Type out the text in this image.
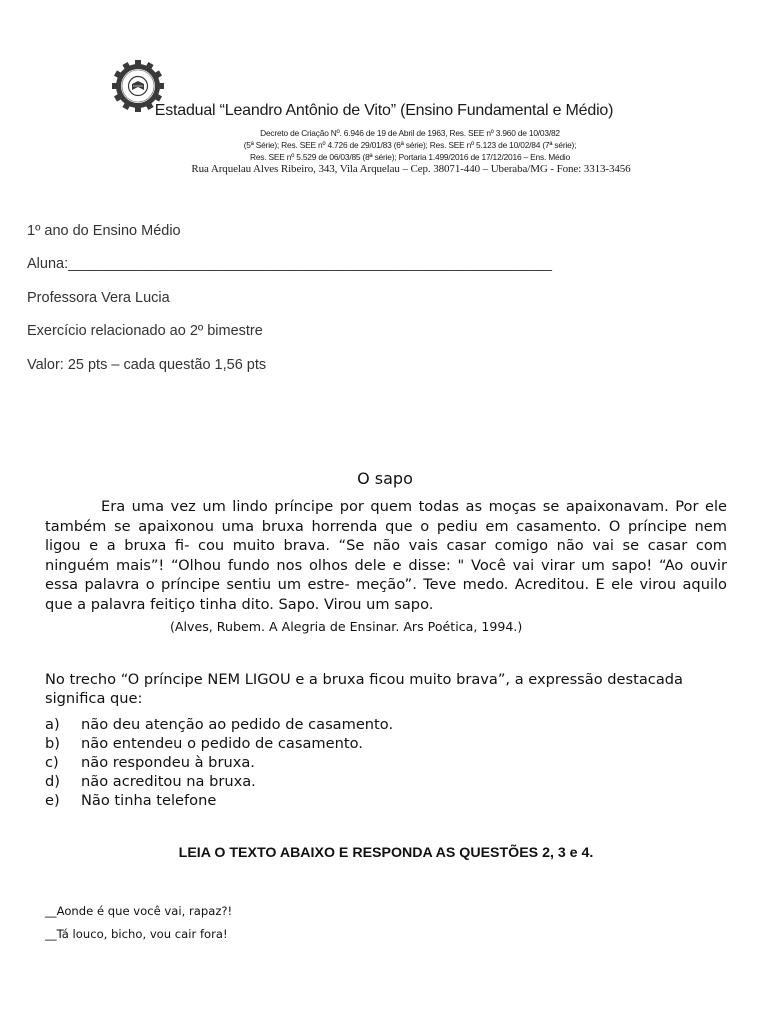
Estadual “Leandro Antônio de Vito” (Ensino Fundamental e Médio)
Decreto de Criação Nº. 6.946 de 19 de Abril de 1963, Res. SEE nº 3.960 de 10/03/82
(5ª Série); Res. SEE nº 4.726 de 29/01/83 (6ª série); Res. SEE nº 5.123 de 10/02/84 (7ª série);
Res. SEE nº 5.529 de 06/03/85 (8ª série); Portaria 1.499/2016 de 17/12/2016 – Ens. Médio
Rua Arquelau Alves Ribeiro, 343, Vila Arquelau – Cep. 38071-440 – Uberaba/MG - Fone: 3313-3456
1º ano do Ensino Médio
Aluna:____________________________________________________________
Professora Vera Lucia
Exercício relacionado ao 2º bimestre
Valor: 25 pts – cada questão 1,56 pts
O sapo

Era uma vez um lindo príncipe por quem todas as moças se apaixonavam. Por ele também se apaixonou uma bruxa horrenda que o pediu em casamento. O príncipe nem ligou e a bruxa fi- cou muito brava. “Se não vais casar comigo não vai se casar com ninguém mais”! “Olhou fundo nos olhos dele e disse: " Você vai virar um sapo! “Ao ouvir essa palavra o príncipe sentiu um estre- meção”. Teve medo. Acreditou. E ele virou aquilo que a palavra feitiço tinha dito. Sapo. Virou um sapo.

(Alves, Rubem. A Alegria de Ensinar. Ars Poética, 1994.)
No trecho “O príncipe NEM LIGOU e a bruxa ficou muito brava”, a expressão destacada significa que:
a) não deu atenção ao pedido de casamento.
b) não entendeu o pedido de casamento.
c) não respondeu à bruxa.
d) não acreditou na bruxa.
e) Não tinha telefone
LEIA O TEXTO ABAIXO E RESPONDA AS QUESTÕES 2, 3 e 4.
__Aonde é que você vai, rapaz?!
__Tá louco, bicho, vou cair fora!
